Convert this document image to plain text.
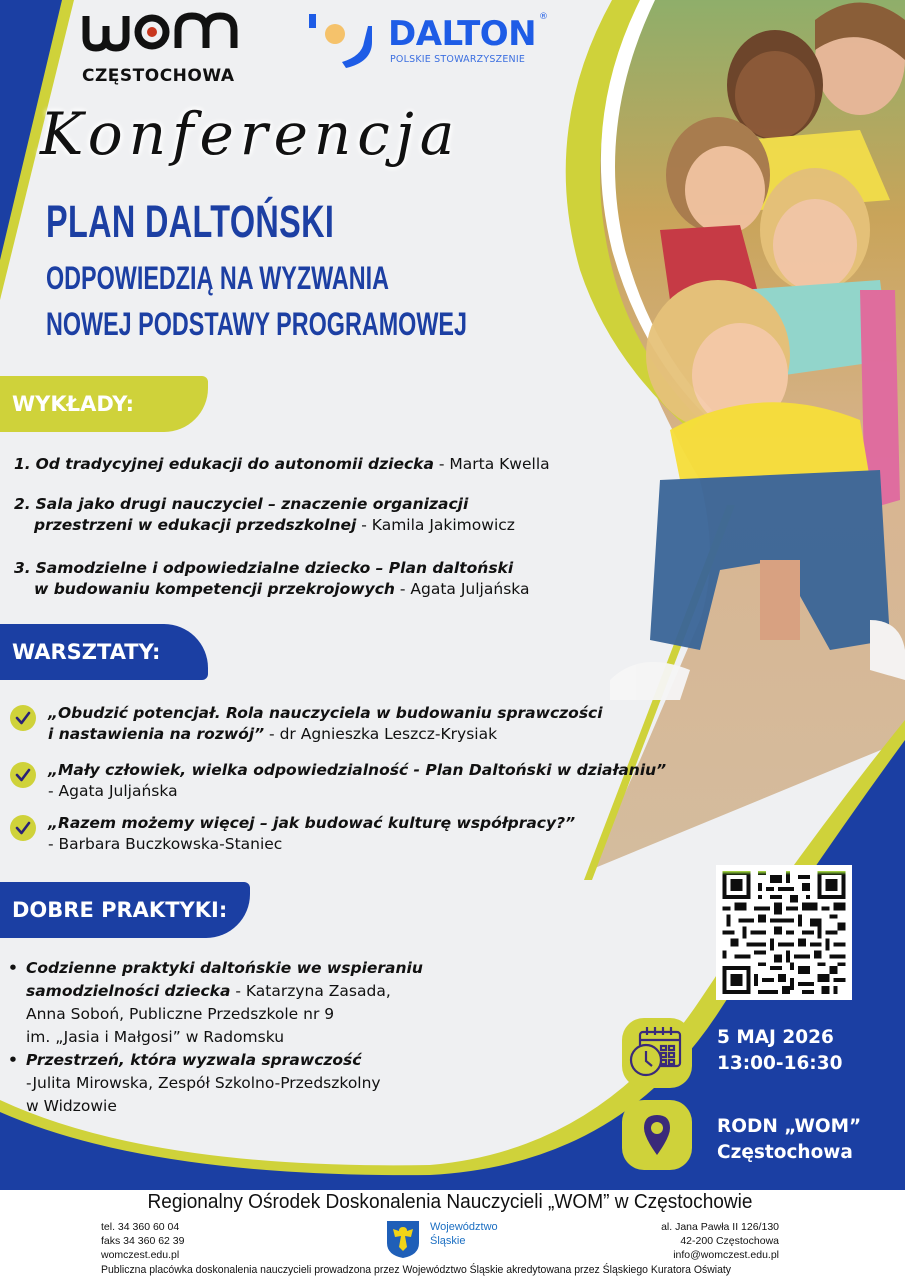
CZĘSTOCHOWA
DALTON ®
POLSKIE STOWARZYSZENIE
Konferencja
PLAN DALTOŃSKI
ODPOWIEDZIĄ NA WYZWANIA
NOWEJ PODSTAWY PROGRAMOWEJ
WYKŁADY:
1. Od tradycyjnej edukacji do autonomii dziecka - Marta Kwella
2. Sala jako drugi nauczyciel – znaczenie organizacji
przestrzeni w edukacji przedszkolnej - Kamila Jakimowicz
3. Samodzielne i odpowiedzialne dziecko – Plan daltoński
w budowaniu kompetencji przekrojowych - Agata Juljańska
WARSZTATY:
„Obudzić potencjał. Rola nauczyciela w budowaniu sprawczości
i nastawienia na rozwój” - dr Agnieszka Leszcz-Krysiak
„Mały człowiek, wielka odpowiedzialność - Plan Daltoński w działaniu”
- Agata Juljańska
„Razem możemy więcej – jak budować kulturę współpracy?”
- Barbara Buczkowska-Staniec
DOBRE PRAKTYKI:
• Codzienne praktyki daltońskie we wspieraniu
samodzielności dziecka - Katarzyna Zasada,
Anna Soboń, Publiczne Przedszkole nr 9
im. „Jasia i Małgosi” w Radomsku
• Przestrzeń, która wyzwala sprawczość
-Julita Mirowska, Zespół Szkolno-Przedszkolny
w Widzowie
5 MAJ 2026
13:00-16:30
RODN „WOM”
Częstochowa
Regionalny Ośrodek Doskonalenia Nauczycieli „WOM” w Częstochowie
tel. 34 360 60 04
faks 34 360 62 39
womczest.edu.pl
Województwo
Śląskie
al. Jana Pawła II 126/130
42-200 Częstochowa
info@womczest.edu.pl
Publiczna placówka doskonalenia nauczycieli prowadzona przez Województwo Śląskie akredytowana przez Śląskiego Kuratora Oświaty
